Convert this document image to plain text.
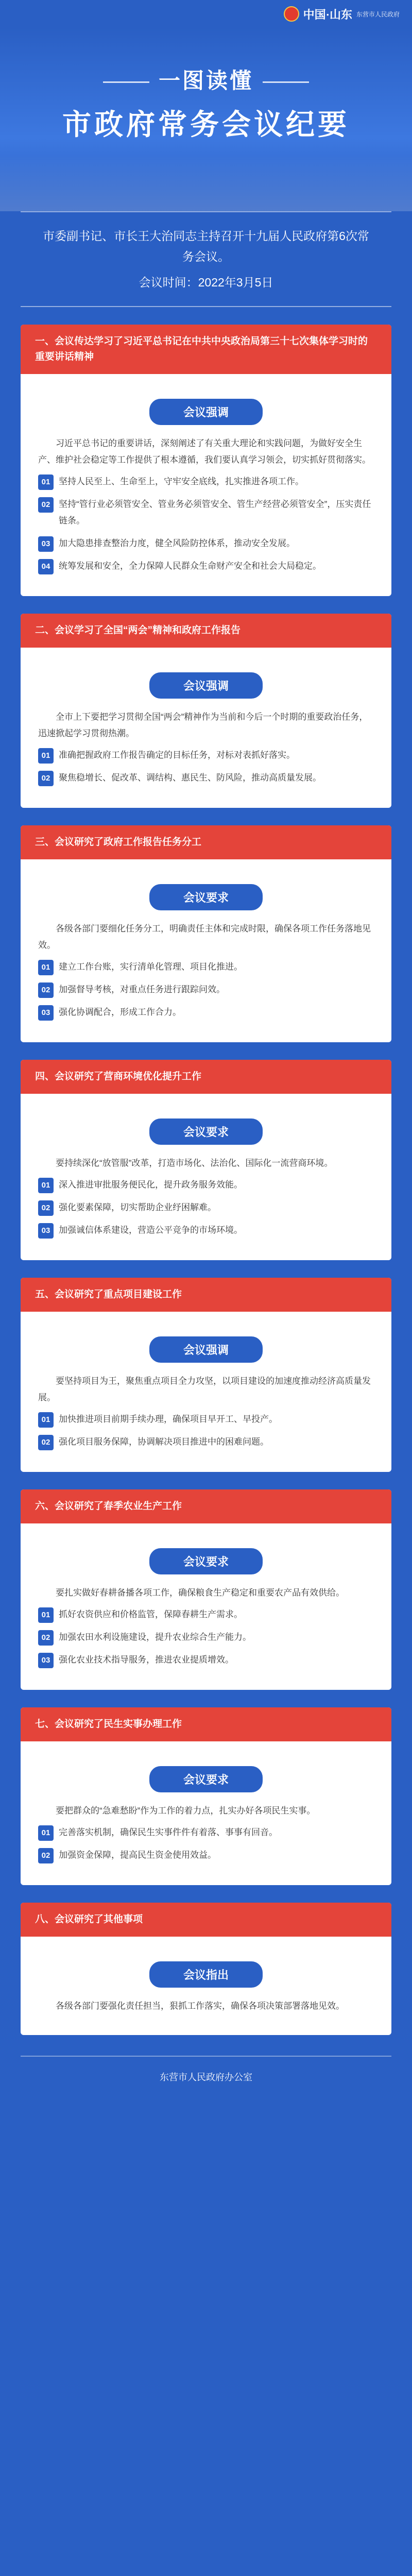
中国·山东 东营市人民政府
一图读懂
市政府常务会议纪要

市委副书记、市长王大治同志主持召开十九届人民政府第6次常务会议。

会议时间：2022年3月5日

一、会议传达学习了习近平总书记在中共中央政治局第三十七次集体学习时的重要讲话精神
会议强调

习近平总书记的重要讲话，深刻阐述了有关重大理论和实践问题，为做好安全生产、维护社会稳定等工作提供了根本遵循，我们要认真学习领会，切实抓好贯彻落实。

01 坚持人民至上、生命至上，守牢安全底线，扎实推进各项工作。
02 坚持“管行业必须管安全、管业务必须管安全、管生产经营必须管安全”，压实责任链条。
03 加大隐患排查整治力度，健全风险防控体系，推动安全发展。
04 统筹发展和安全，全力保障人民群众生命财产安全和社会大局稳定。
二、会议学习了全国“两会”精神和政府工作报告
会议强调

全市上下要把学习贯彻全国“两会”精神作为当前和今后一个时期的重要政治任务，迅速掀起学习贯彻热潮。

01 准确把握政府工作报告确定的目标任务，对标对表抓好落实。
02 聚焦稳增长、促改革、调结构、惠民生、防风险，推动高质量发展。
三、会议研究了政府工作报告任务分工
会议要求

各级各部门要细化任务分工，明确责任主体和完成时限，确保各项工作任务落地见效。

01 建立工作台账，实行清单化管理、项目化推进。
02 加强督导考核，对重点任务进行跟踪问效。
03 强化协调配合，形成工作合力。
四、会议研究了营商环境优化提升工作
会议要求

要持续深化“放管服”改革，打造市场化、法治化、国际化一流营商环境。

01 深入推进审批服务便民化，提升政务服务效能。
02 强化要素保障，切实帮助企业纾困解难。
03 加强诚信体系建设，营造公平竞争的市场环境。
五、会议研究了重点项目建设工作
会议强调

要坚持项目为王，聚焦重点项目全力攻坚，以项目建设的加速度推动经济高质量发展。

01 加快推进项目前期手续办理，确保项目早开工、早投产。
02 强化项目服务保障，协调解决项目推进中的困难问题。
六、会议研究了春季农业生产工作
会议要求

要扎实做好春耕备播各项工作，确保粮食生产稳定和重要农产品有效供给。

01 抓好农资供应和价格监管，保障春耕生产需求。
02 加强农田水利设施建设，提升农业综合生产能力。
03 强化农业技术指导服务，推进农业提质增效。
七、会议研究了民生实事办理工作
会议要求

要把群众的“急难愁盼”作为工作的着力点，扎实办好各项民生实事。

01 完善落实机制，确保民生实事件件有着落、事事有回音。
02 加强资金保障，提高民生资金使用效益。
八、会议研究了其他事项
会议指出

各级各部门要强化责任担当，狠抓工作落实，确保各项决策部署落地见效。

东营市人民政府办公室
